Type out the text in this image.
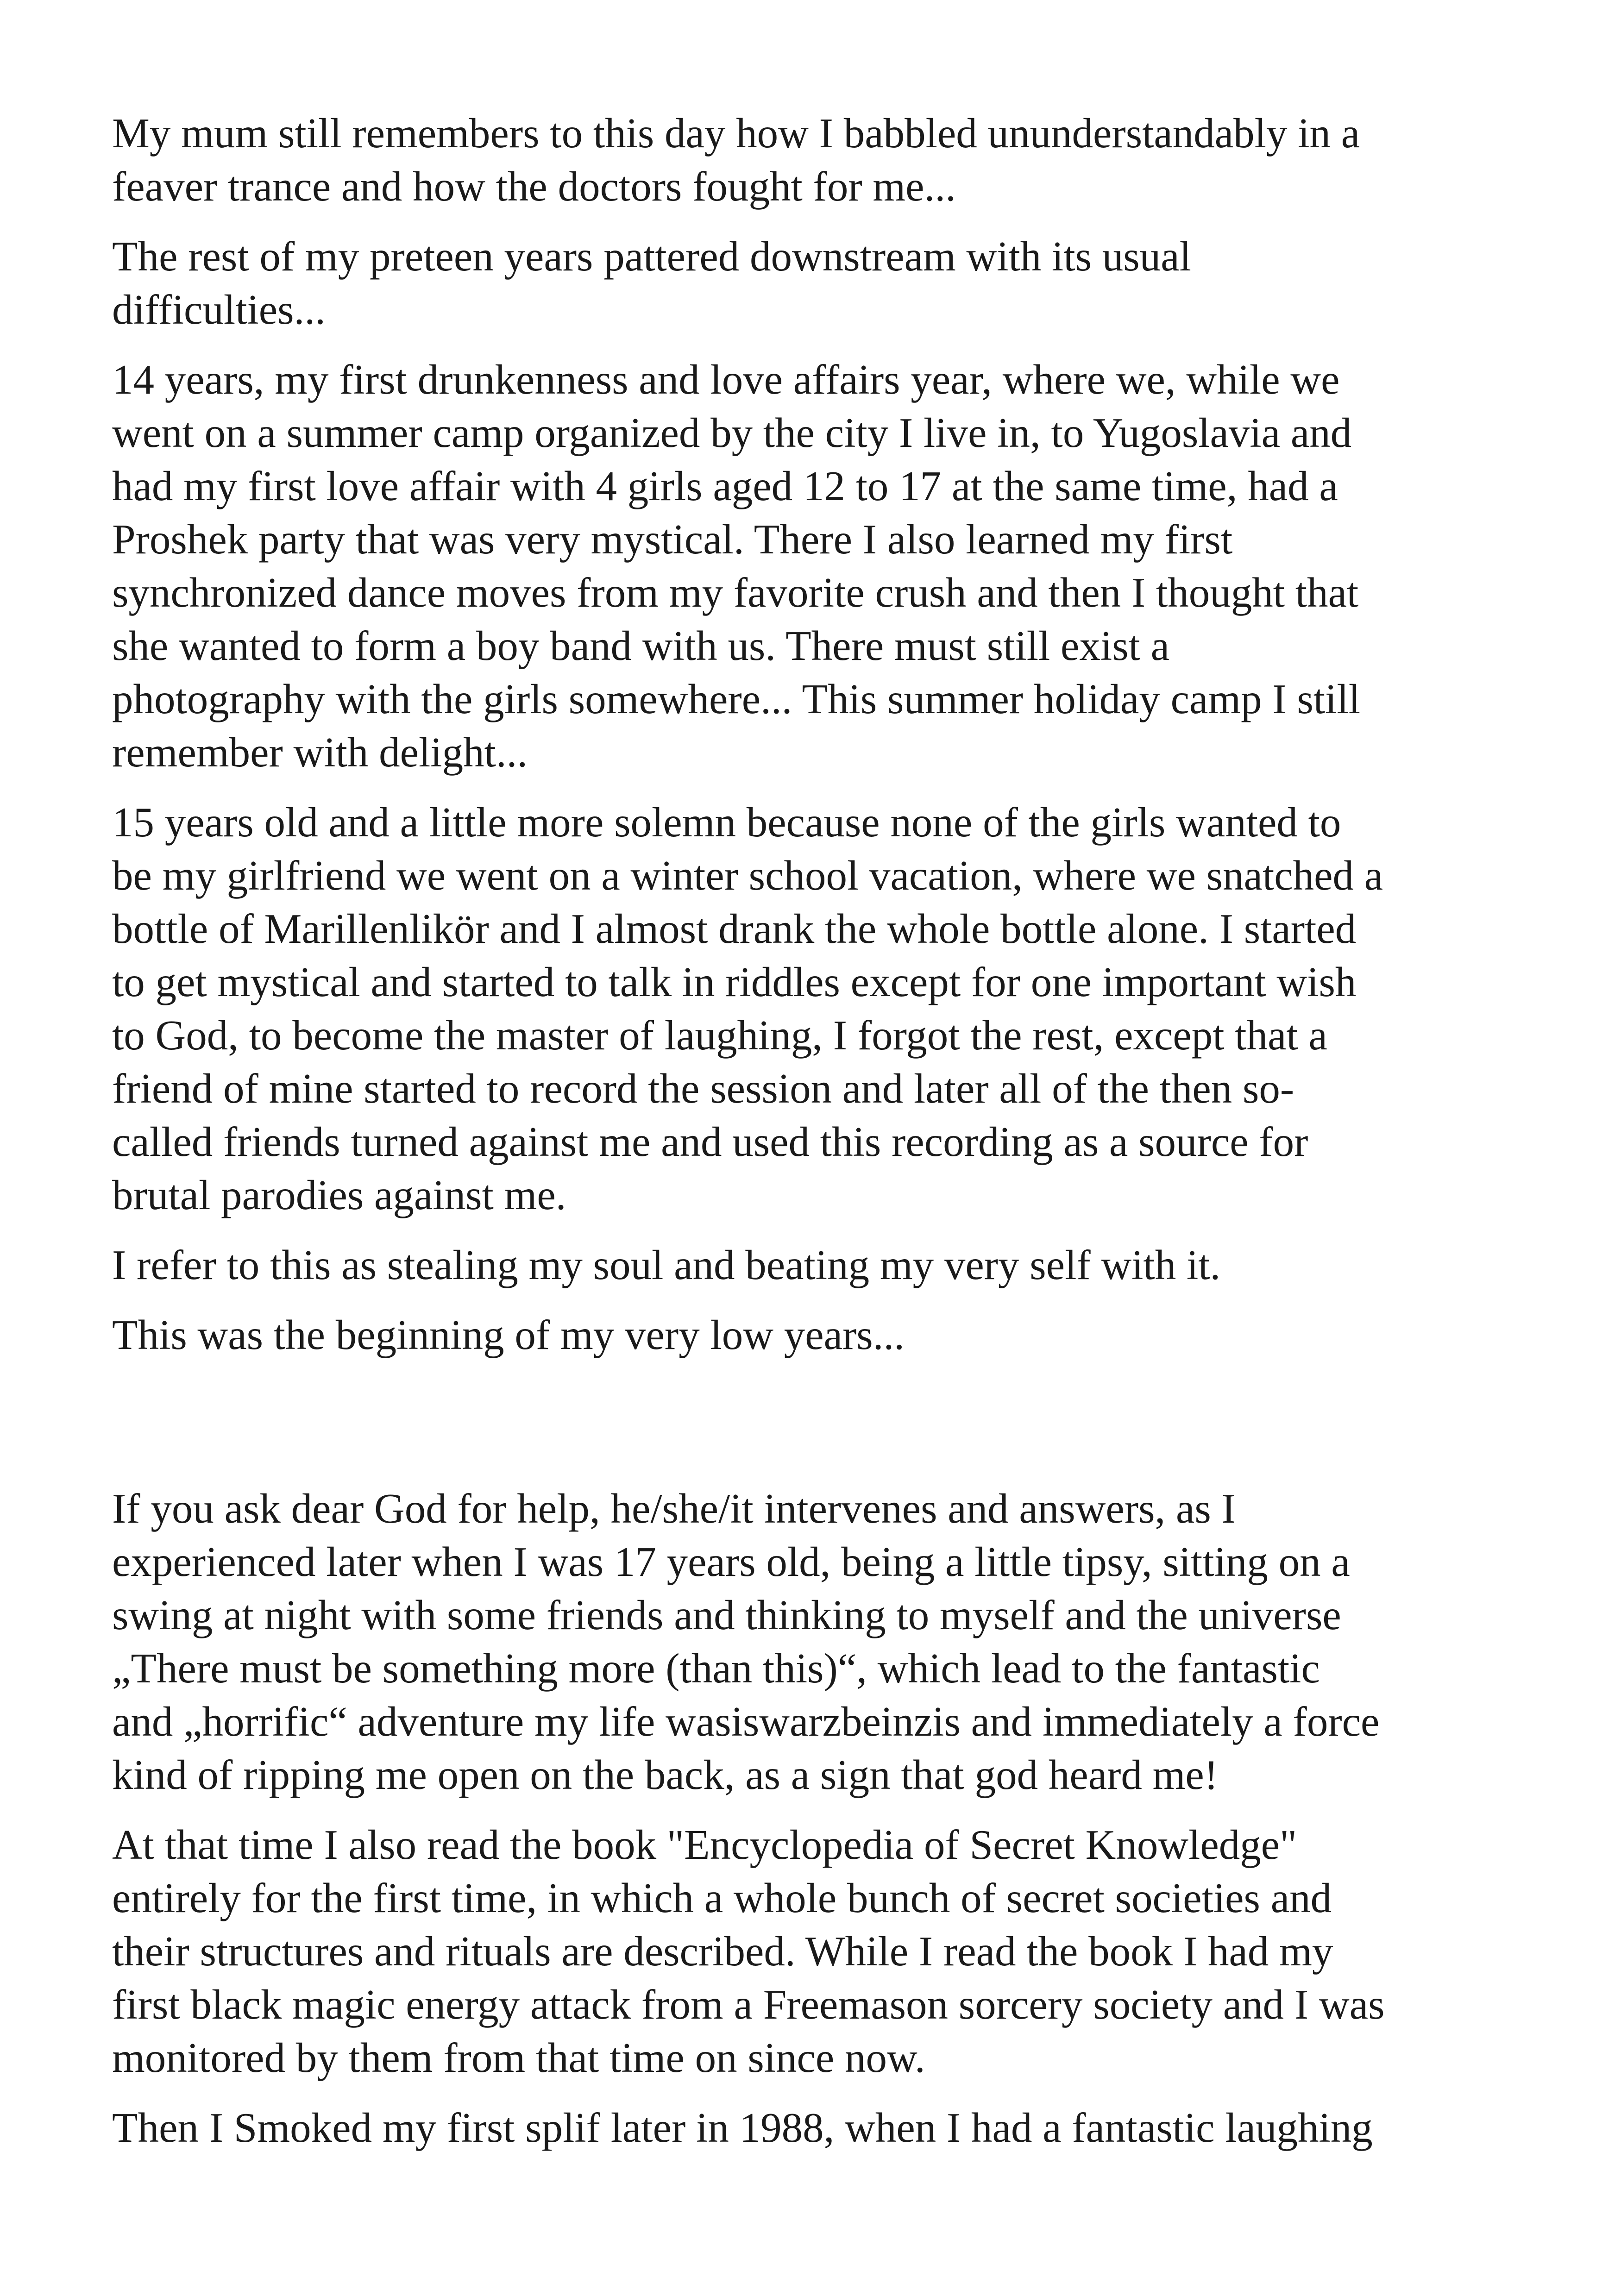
My mum still remembers to this day how I babbled ununderstandably in a
feaver trance and how the doctors fought for me...

The rest of my preteen years pattered downstream with its usual
difficulties...

14 years, my first drunkenness and love affairs year, where we, while we
went on a summer camp organized by the city I live in, to Yugoslavia and
had my first love affair with 4 girls aged 12 to 17 at the same time, had a
Proshek party that was very mystical. There I also learned my first
synchronized dance moves from my favorite crush and then I thought that
she wanted to form a boy band with us. There must still exist a
photography with the girls somewhere... This summer holiday camp I still
remember with delight...

15 years old and a little more solemn because none of the girls wanted to
be my girlfriend we went on a winter school vacation, where we snatched a
bottle of Marillenlikör and I almost drank the whole bottle alone. I started
to get mystical and started to talk in riddles except for one important wish
to God, to become the master of laughing, I forgot the rest, except that a
friend of mine started to record the session and later all of the then so-
called friends turned against me and used this recording as a source for
brutal parodies against me.

I refer to this as stealing my soul and beating my very self with it.

This was the beginning of my very low years...

If you ask dear God for help, he/she/it intervenes and answers, as I
experienced later when I was 17 years old, being a little tipsy, sitting on a
swing at night with some friends and thinking to myself and the universe
„There must be something more (than this)“, which lead to the fantastic
and „horrific“ adventure my life wasiswarzbeinzis and immediately a force
kind of ripping me open on the back, as a sign that god heard me!

At that time I also read the book "Encyclopedia of Secret Knowledge"
entirely for the first time, in which a whole bunch of secret societies and
their structures and rituals are described. While I read the book I had my
first black magic energy attack from a Freemason sorcery society and I was
monitored by them from that time on since now.

Then I Smoked my first splif later in 1988, when I had a fantastic laughing
